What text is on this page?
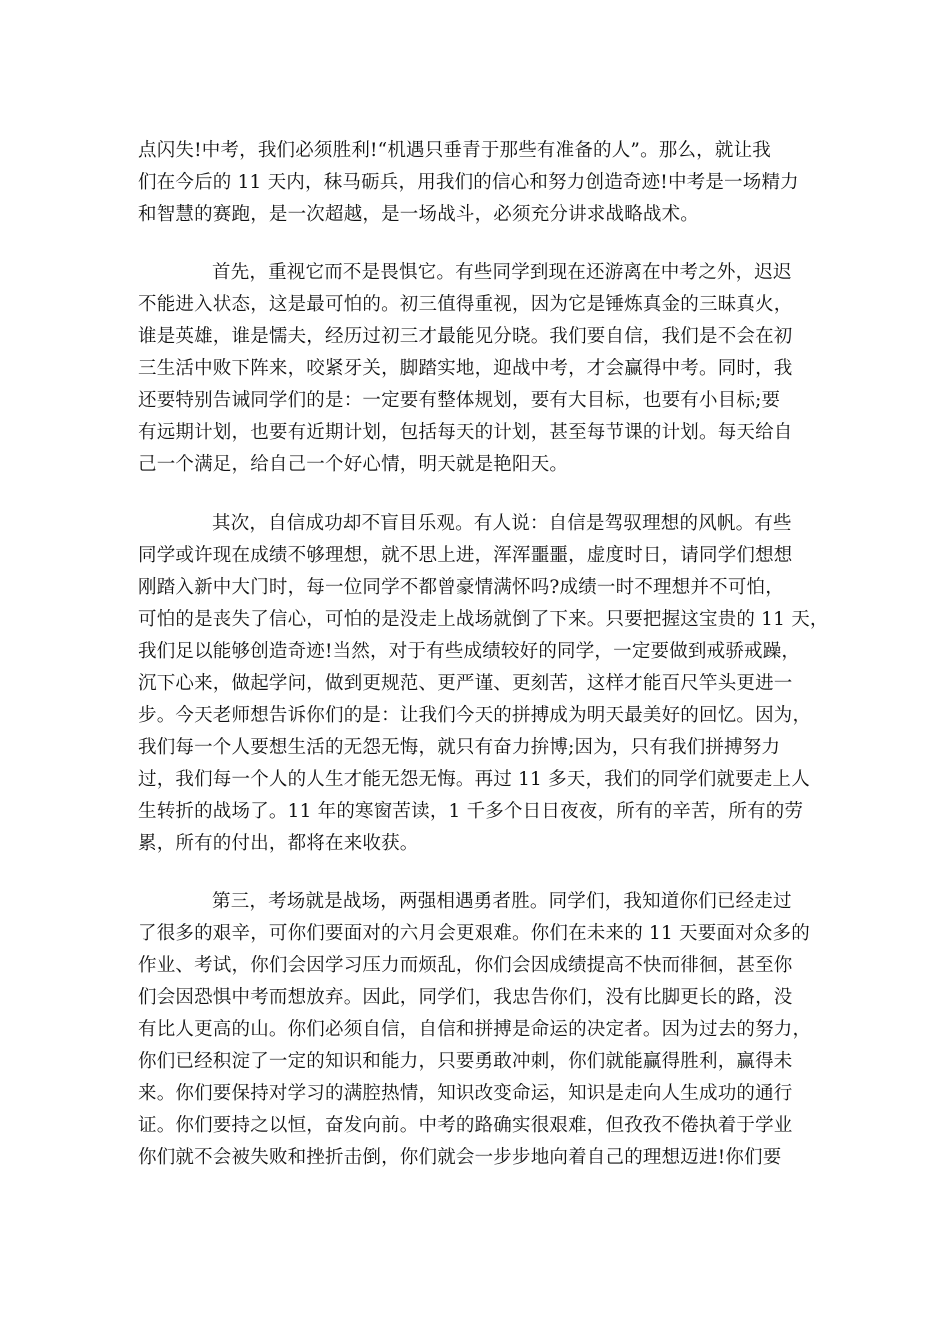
点闪失!中考，我们必须胜利!“机遇只垂青于那些有准备的人”。那么，就让我
们在今后的 11 天内，秣马砺兵，用我们的信心和努力创造奇迹!中考是一场精力
和智慧的赛跑，是一次超越，是一场战斗，必须充分讲求战略战术。
首先，重视它而不是畏惧它。有些同学到现在还游离在中考之外，迟迟
不能进入状态，这是最可怕的。初三值得重视，因为它是锤炼真金的三昧真火，
谁是英雄，谁是懦夫，经历过初三才最能见分晓。我们要自信，我们是不会在初
三生活中败下阵来，咬紧牙关，脚踏实地，迎战中考，才会赢得中考。同时，我
还要特别告诫同学们的是：一定要有整体规划，要有大目标，也要有小目标;要
有远期计划，也要有近期计划，包括每天的计划，甚至每节课的计划。每天给自
己一个满足，给自己一个好心情，明天就是艳阳天。
其次，自信成功却不盲目乐观。有人说：自信是驾驭理想的风帆。有些
同学或许现在成绩不够理想，就不思上进，浑浑噩噩，虚度时日，请同学们想想
刚踏入新中大门时，每一位同学不都曾豪情满怀吗?成绩一时不理想并不可怕，
可怕的是丧失了信心，可怕的是没走上战场就倒了下来。只要把握这宝贵的 11 天，
我们足以能够创造奇迹!当然，对于有些成绩较好的同学，一定要做到戒骄戒躁，
沉下心来，做起学问，做到更规范、更严谨、更刻苦，这样才能百尺竿头更进一
步。今天老师想告诉你们的是：让我们今天的拼搏成为明天最美好的回忆。因为，
我们每一个人要想生活的无怨无悔，就只有奋力拚博;因为，只有我们拼搏努力
过，我们每一个人的人生才能无怨无悔。再过 11 多天，我们的同学们就要走上人
生转折的战场了。11 年的寒窗苦读，1 千多个日日夜夜，所有的辛苦，所有的劳
累，所有的付出，都将在来收获。
第三，考场就是战场，两强相遇勇者胜。同学们，我知道你们已经走过
了很多的艰辛，可你们要面对的六月会更艰难。你们在未来的 11 天要面对众多的
作业、考试，你们会因学习压力而烦乱，你们会因成绩提高不快而徘徊，甚至你
们会因恐惧中考而想放弃。因此，同学们，我忠告你们，没有比脚更长的路，没
有比人更高的山。你们必须自信，自信和拼搏是命运的决定者。因为过去的努力，
你们已经积淀了一定的知识和能力，只要勇敢冲刺，你们就能赢得胜利，赢得未
来。你们要保持对学习的满腔热情，知识改变命运，知识是走向人生成功的通行
证。你们要持之以恒，奋发向前。中考的路确实很艰难，但孜孜不倦执着于学业
你们就不会被失败和挫折击倒，你们就会一步步地向着自己的理想迈进!你们要
